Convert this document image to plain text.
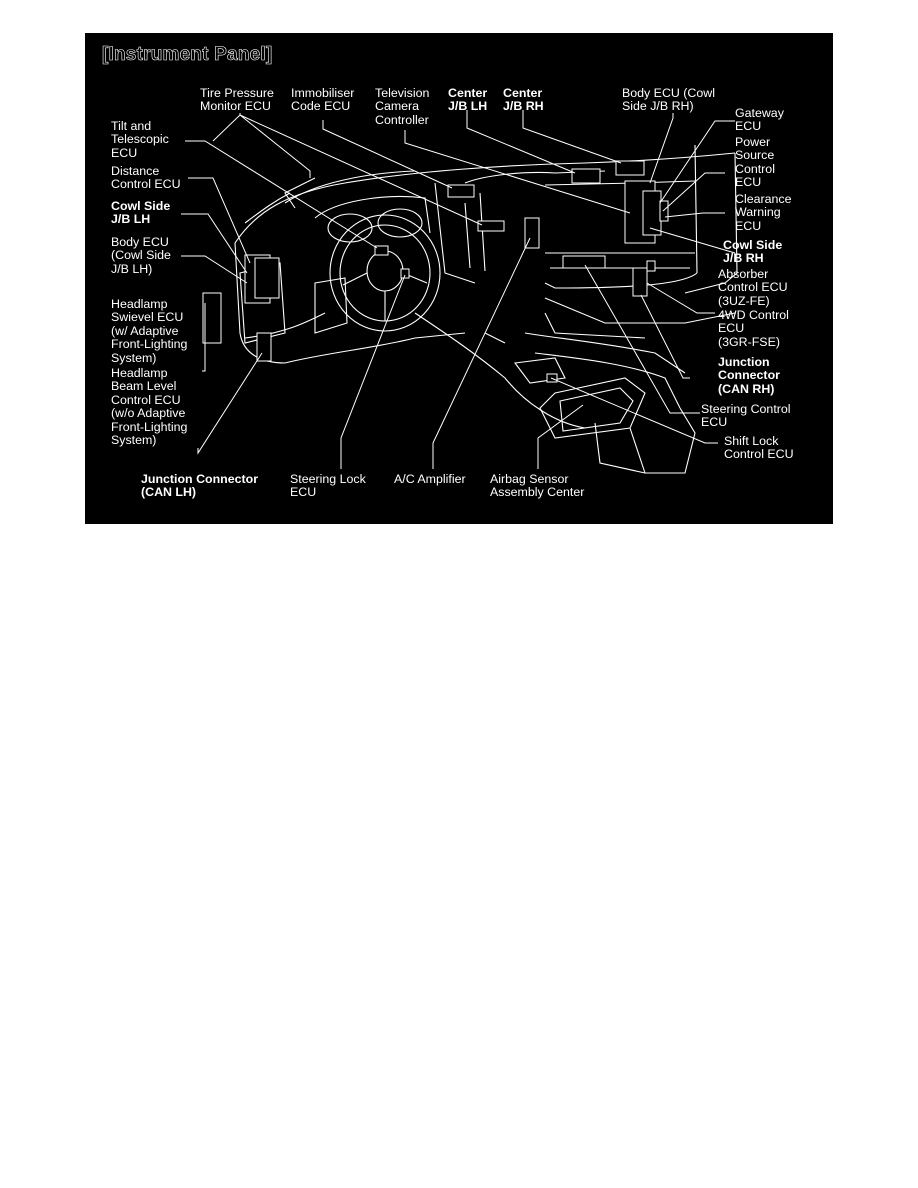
[Instrument Panel]
Tire Pressure
Monitor ECU
Immobiliser
Code ECU
Television
Camera
Controller
Center
J/B LH
Center
J/B RH
Body ECU (Cowl
Side J/B RH)
Tilt and
Telescopic
ECU
Gateway
ECU
Power
Source
Control
ECU
Distance
Control ECU
Clearance
Warning
ECU
Cowl Side
J/B LH
Cowl Side
J/B RH
Body ECU
(Cowl Side
J/B LH)	Absorber
Control ECU
(3UZ-FE)
4WD Control
ECU
(3GR-FSE)
Headlamp
Swievel ECU
(w/ Adaptive
Front-Lighting
System)
Headlamp
Beam Level
Control ECU
(w/o Adaptive
Front-Lighting
System)
Junction
Connector
(CAN RH)
Steering Control
ECU
Shift Lock
Control ECU
Junction Connector
(CAN LH)
Steering Lock
ECU
A/C Amplifier Airbag Sensor
Assembly Center
